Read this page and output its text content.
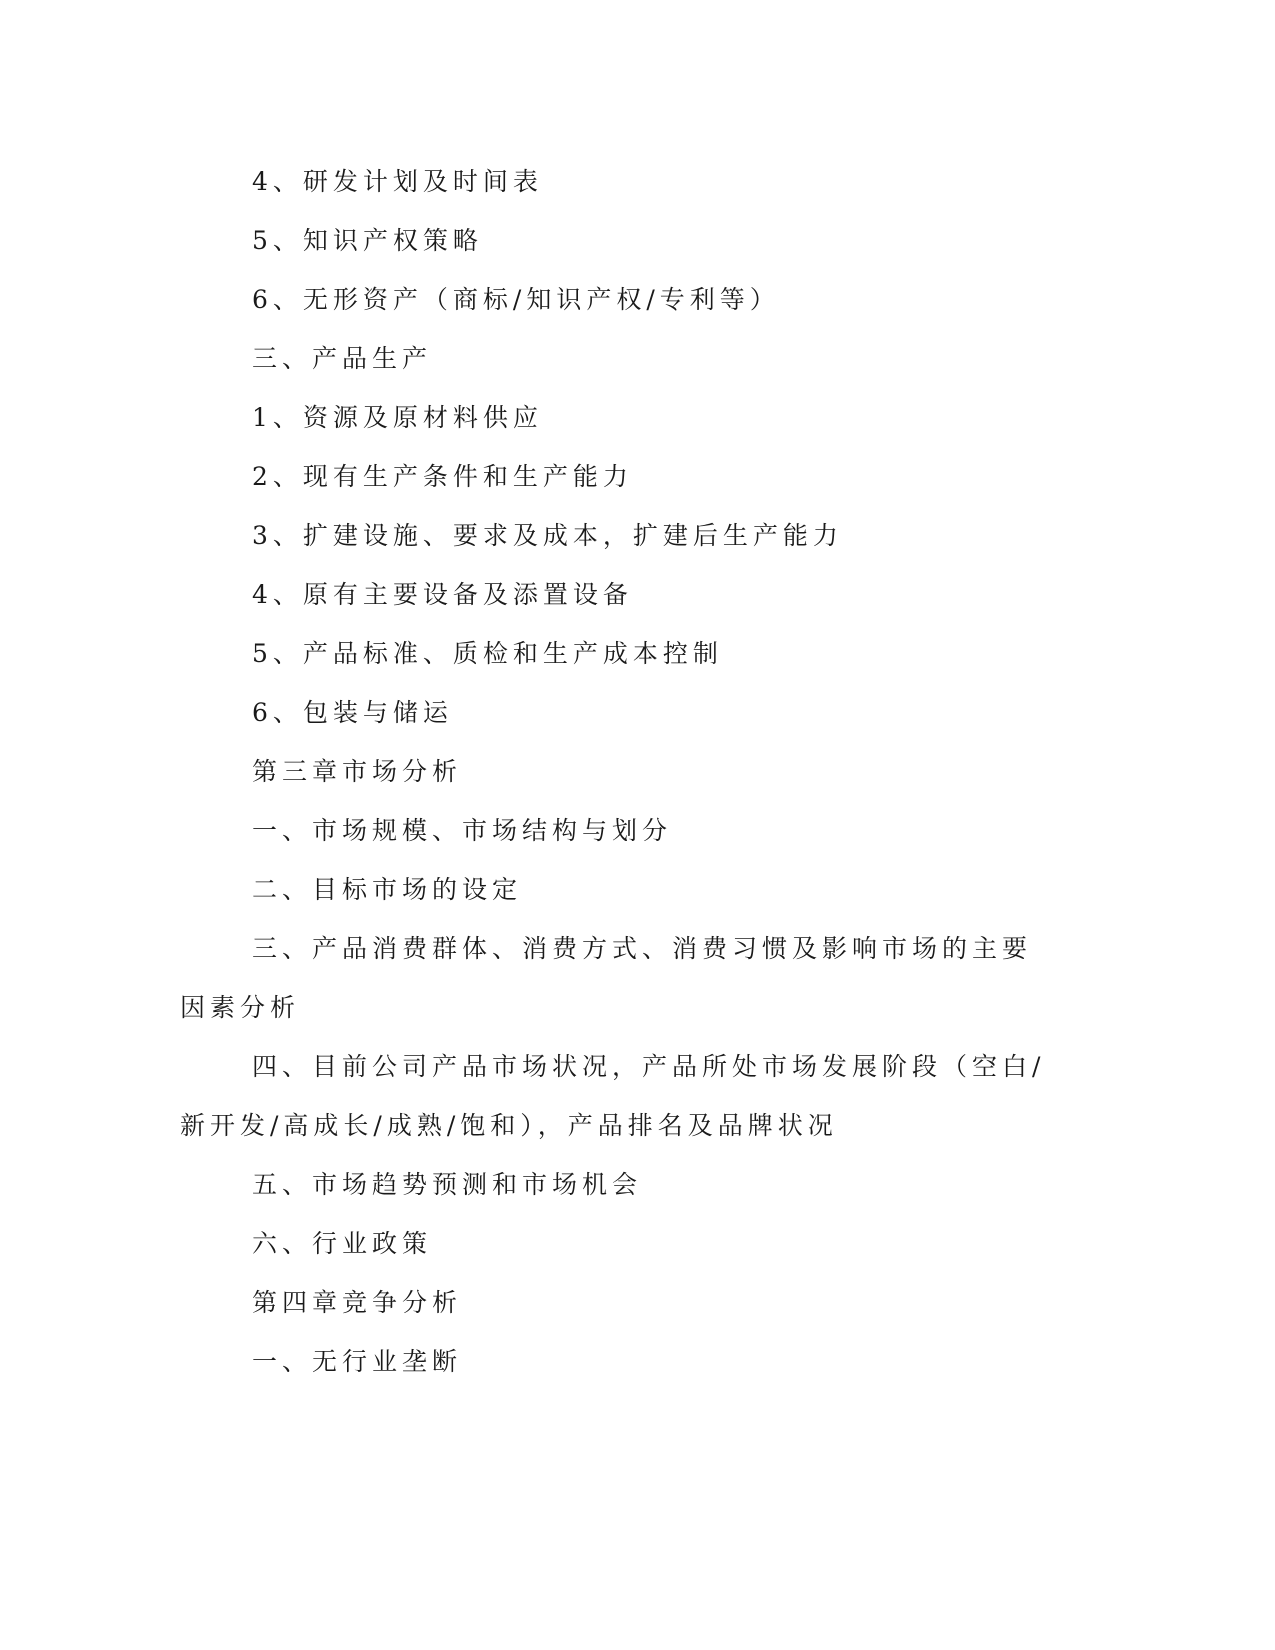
4、研发计划及时间表

5、知识产权策略

6、无形资产（商标/知识产权/专利等）

三、产品生产

1、资源及原材料供应

2、现有生产条件和生产能力

3、扩建设施、要求及成本，扩建后生产能力

4、原有主要设备及添置设备

5、产品标准、质检和生产成本控制

6、包装与储运

第三章市场分析

一、市场规模、市场结构与划分

二、目标市场的设定

三、产品消费群体、消费方式、消费习惯及影响市场的主要因素分析

四、目前公司产品市场状况，产品所处市场发展阶段（空白/新开发/高成长/成熟/饱和），产品排名及品牌状况

五、市场趋势预测和市场机会

六、行业政策

第四章竞争分析

一、无行业垄断
